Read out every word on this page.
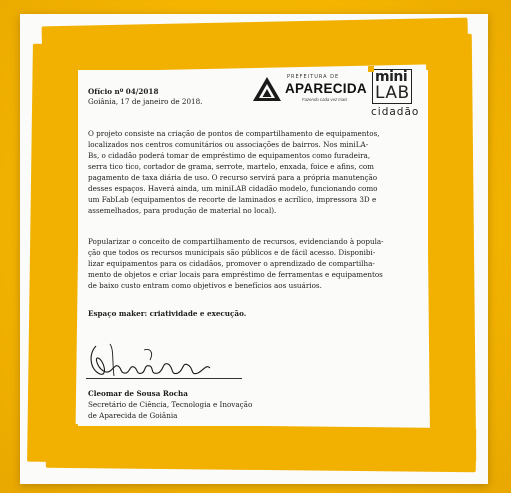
PREFEITURA DE
APARECIDA
Fazendo cada vez mais
mini
LAB
cidadão
Ofício nº 04/2018
Goiânia, 17 de janeiro de 2018.
O projeto consiste na criação de pontos de compartilhamento de equipamentos,
localizados nos centros comunitários ou associações de bairros. Nos miniLA-
Bs, o cidadão poderá tomar de empréstimo de equipamentos como furadeira,
serra tico tico, cortador de grama, serrote, martelo, enxada, foice e afins, com
pagamento de taxa diária de uso. O recurso servirá para a própria manutenção
desses espaços. Haverá ainda, um miniLAB cidadão modelo, funcionando como
um FabLab (equipamentos de recorte de laminados e acrílico, impressora 3D e
assemelhados, para produção de material no local).
Popularizar o conceito de compartilhamento de recursos, evidenciando à popula-
ção que todos os recursos municipais são públicos e de fácil acesso. Disponibi-
lizar equipamentos para os cidadãos, promover o aprendizado de compartilha-
mento de objetos e criar locais para empréstimo de ferramentas e equipamentos
de baixo custo entram como objetivos e benefícios aos usuários.
Espaço maker: criatividade e execução.
Cleomar de Sousa Rocha
Secretário de Ciência, Tecnologia e Inovação
de Aparecida de Goiânia
